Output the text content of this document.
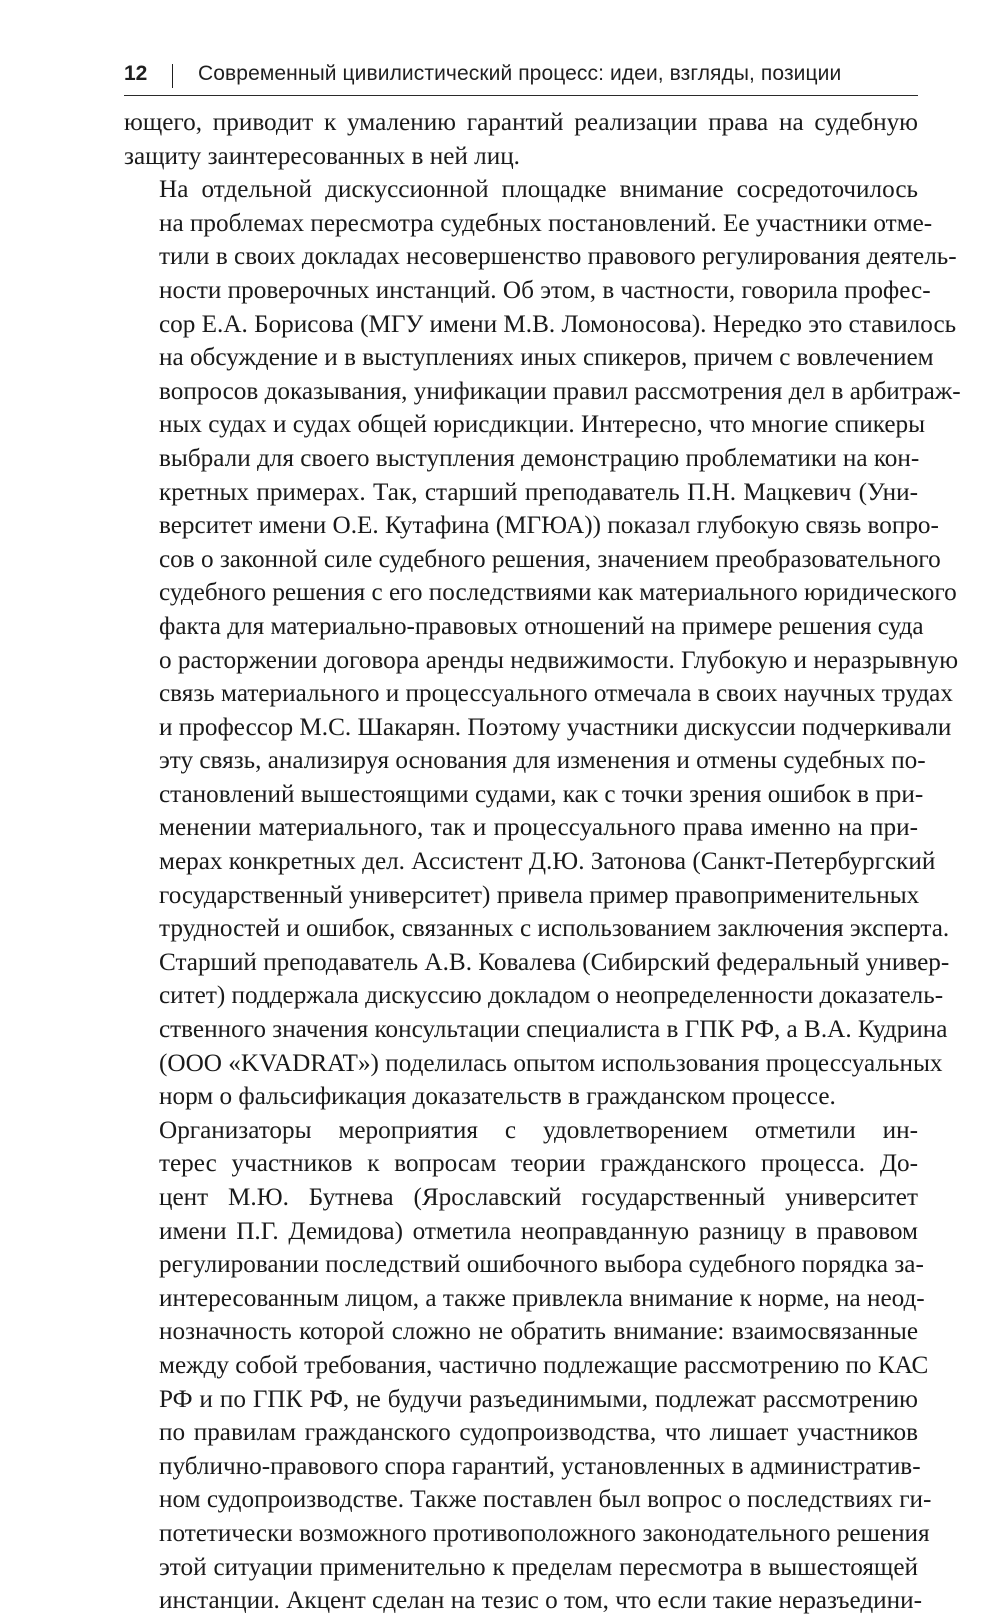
12 Современный цивилистический процесс: идеи, взгляды, позиции

ющего, приводит к умалению гарантий реализации права на судебную
защиту заинтересованных в ней лиц.

На отдельной дискуссионной площадке внимание сосредоточилось
на проблемах пересмотра судебных постановлений. Ее участники отме-
тили в своих докладах несовершенство правового регулирования деятель-
ности проверочных инстанций. Об этом, в частности, говорила профес-
сор Е.А. Борисова (МГУ имени М.В. Ломоносова). Нередко это ставилось
на обсуждение и в выступлениях иных спикеров, причем с вовлечением
вопросов доказывания, унификации правил рассмотрения дел в арбитраж-
ных судах и судах общей юрисдикции. Интересно, что многие спикеры
выбрали для своего выступления демонстрацию проблематики на кон-
кретных примерах. Так, старший преподаватель П.Н. Мацкевич (Уни-
верситет имени О.Е. Кутафина (МГЮА)) показал глубокую связь вопро-
сов о законной силе судебного решения, значением преобразовательного
судебного решения с его последствиями как материального юридического
факта для материально-правовых отношений на примере решения суда
о расторжении договора аренды недвижимости. Глубокую и неразрывную
связь материального и процессуального отмечала в своих научных трудах
и профессор М.С. Шакарян. Поэтому участники дискуссии подчеркивали
эту связь, анализируя основания для изменения и отмены судебных по-
становлений вышестоящими судами, как с точки зрения ошибок в при-
менении материального, так и процессуального права именно на при-
мерах конкретных дел. Ассистент Д.Ю. Затонова (Санкт-Петербургский
государственный университет) привела пример правоприменительных
трудностей и ошибок, связанных с использованием заключения эксперта.
Старший преподаватель А.В. Ковалева (Сибирский федеральный универ-
ситет) поддержала дискуссию докладом о неопределенности доказатель-
ственного значения консультации специалиста в ГПК РФ, а В.А. Кудрина
(ООО «KVADRAT») поделилась опытом использования процессуальных
норм о фальсификация доказательств в гражданском процессе.

Организаторы мероприятия с удовлетворением отметили ин-
терес участников к вопросам теории гражданского процесса. До-
цент М.Ю. Бутнева (Ярославский государственный университет
имени П.Г. Демидова) отметила неоправданную разницу в правовом
регулировании последствий ошибочного выбора судебного порядка за-
интересованным лицом, а также привлекла внимание к норме, на неод-
нозначность которой сложно не обратить внимание: взаимосвязанные
между собой требования, частично подлежащие рассмотрению по КАС
РФ и по ГПК РФ, не будучи разъединимыми, подлежат рассмотрению
по правилам гражданского судопроизводства, что лишает участников
публично-правового спора гарантий, установленных в административ-
ном судопроизводстве. Также поставлен был вопрос о последствиях ги-
потетически возможного противоположного законодательного решения
этой ситуации применительно к пределам пересмотра в вышестоящей
инстанции. Акцент сделан на тезис о том, что если такие неразъедини-
